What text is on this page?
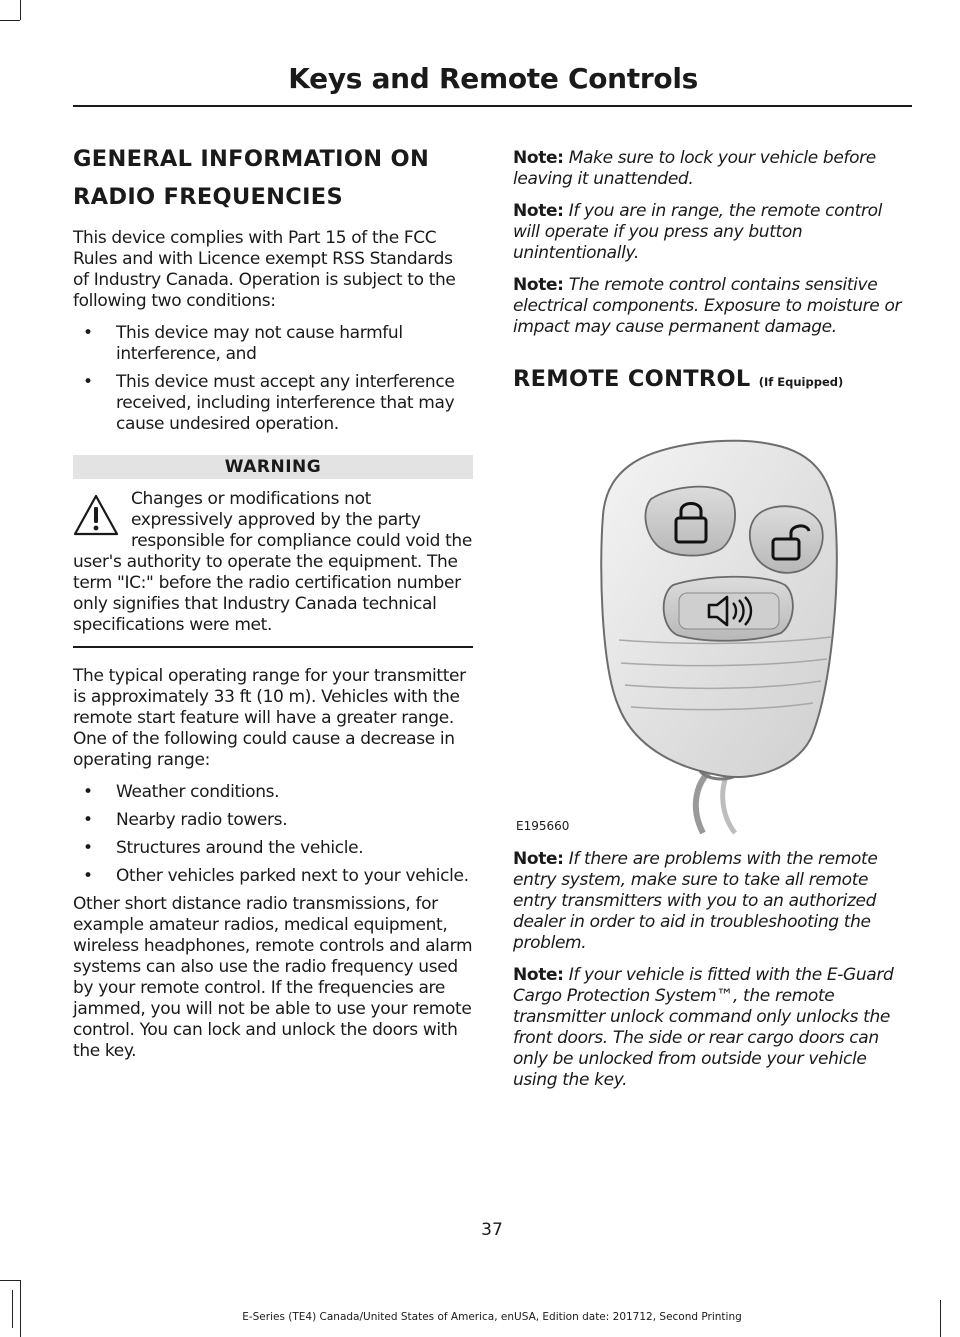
Keys and Remote Controls
GENERAL INFORMATION ON
RADIO FREQUENCIES

This device complies with Part 15 of the FCC Rules and with Licence exempt RSS Standards of Industry Canada. Operation is subject to the following two conditions:

• This device may not cause harmful interference, and
• This device must accept any interference received, including interference that may cause undesired operation.
WARNING

Changes or modifications not expressively approved by the party responsible for compliance could void the user's authority to operate the equipment. The term "IC:" before the radio certification number only signifies that Industry Canada technical specifications were met.

The typical operating range for your transmitter is approximately 33 ft (10 m). Vehicles with the remote start feature will have a greater range. One of the following could cause a decrease in operating range:

• Weather conditions.
• Nearby radio towers.
• Structures around the vehicle.
• Other vehicles parked next to your vehicle.

Other short distance radio transmissions, for example amateur radios, medical equipment, wireless headphones, remote controls and alarm systems can also use the radio frequency used by your remote control. If the frequencies are jammed, you will not be able to use your remote control. You can lock and unlock the doors with the key.

Note: Make sure to lock your vehicle before leaving it unattended.

Note: If you are in range, the remote control will operate if you press any button unintentionally.

Note: The remote control contains sensitive electrical components. Exposure to moisture or impact may cause permanent damage.

REMOTE CONTROL (If Equipped)
E195660

Note: If there are problems with the remote entry system, make sure to take all remote entry transmitters with you to an authorized dealer in order to aid in troubleshooting the problem.

Note: If your vehicle is fitted with the E-Guard Cargo Protection System™, the remote transmitter unlock command only unlocks the front doors. The side or rear cargo doors can only be unlocked from outside your vehicle using the key.

37
E-Series (TE4) Canada/United States of America, enUSA, Edition date: 201712, Second Printing
